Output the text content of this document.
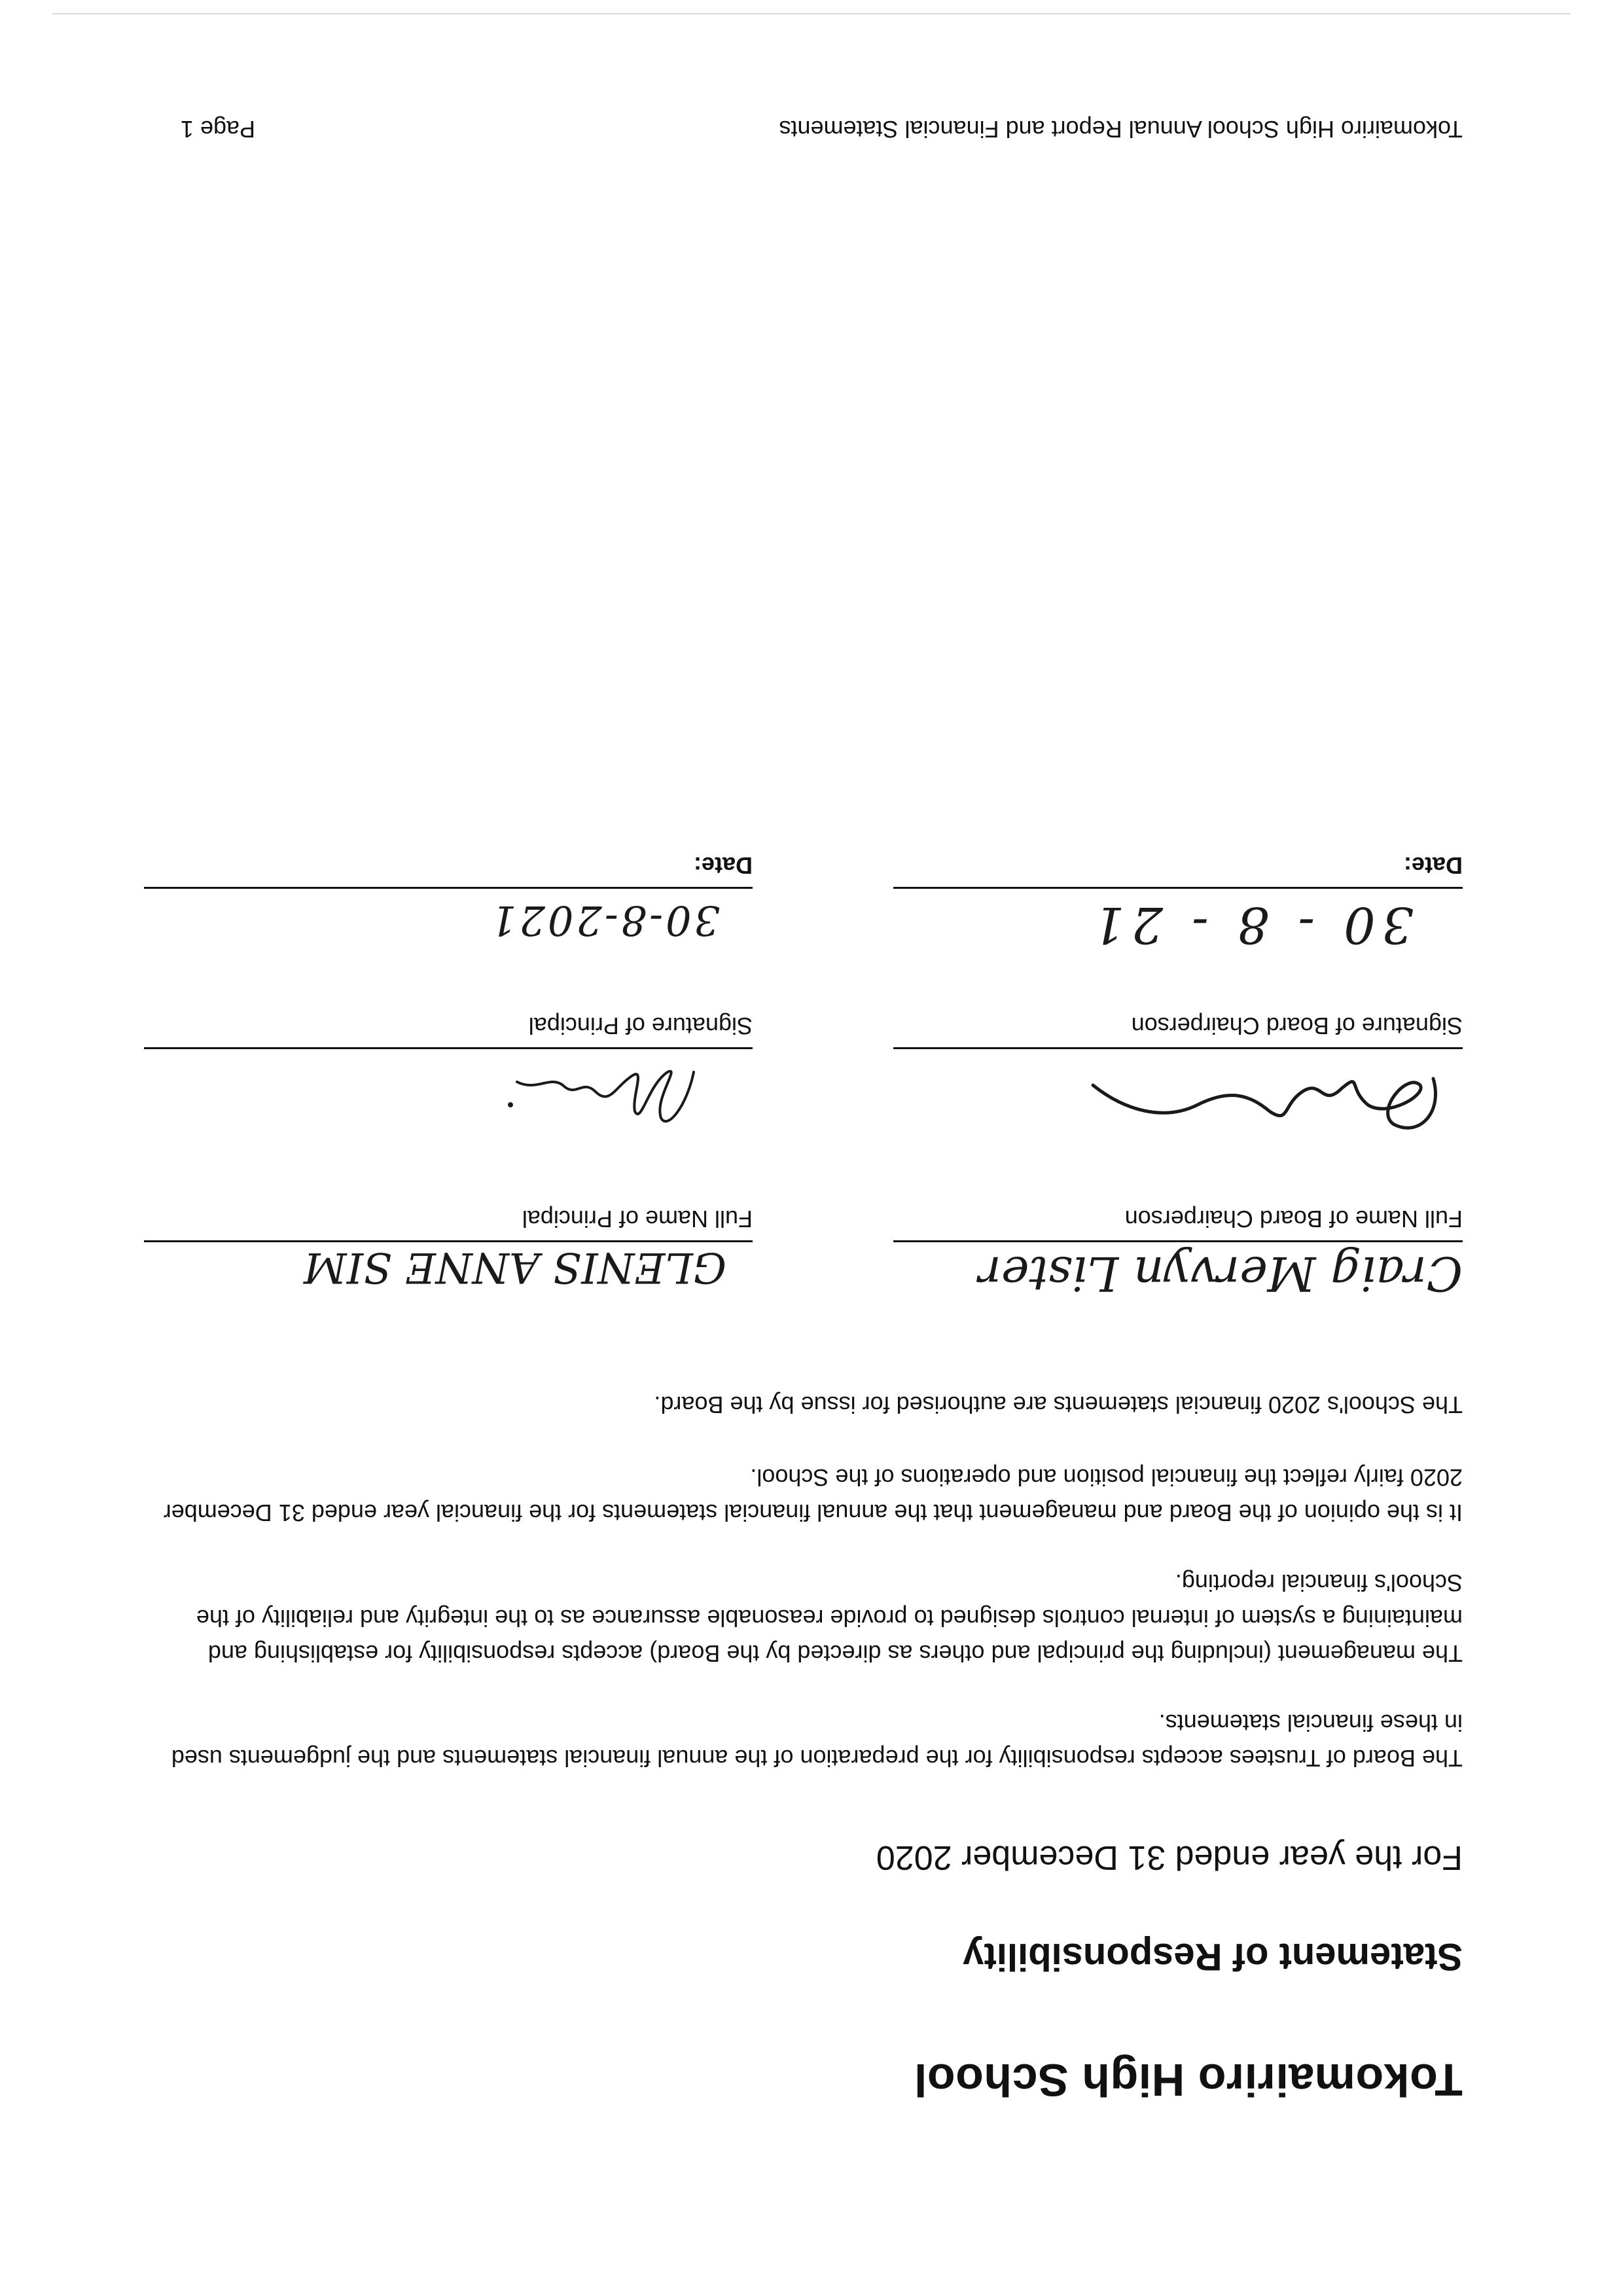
Tokomairiro High School
Statement of Responsibility
For the year ended 31 December 2020
The Board of Trustees accepts responsibility for the preparation of the annual financial statements and the judgements used in these financial statements.
The management (including the principal and others as directed by the Board) accepts responsibility for establishing and maintaining a system of internal controls designed to provide reasonable assurance as to the integrity and reliability of the School's financial reporting.
It is the opinion of the Board and management that the annual financial statements for the financial year ended 31 December 2020 fairly reflect the financial position and operations of the School.
The School's 2020 financial statements are authorised for issue by the Board.
Craig Mervyn Lister
Full Name of Board Chairperson
Signature of Board Chairperson
30 - 8 - 21
Date:
GLENIS ANNE SIM
Full Name of Principal
Signature of Principal
30-8-2021
Date:
Tokomairiro High School Annual Report and Financial Statements
Page 1
